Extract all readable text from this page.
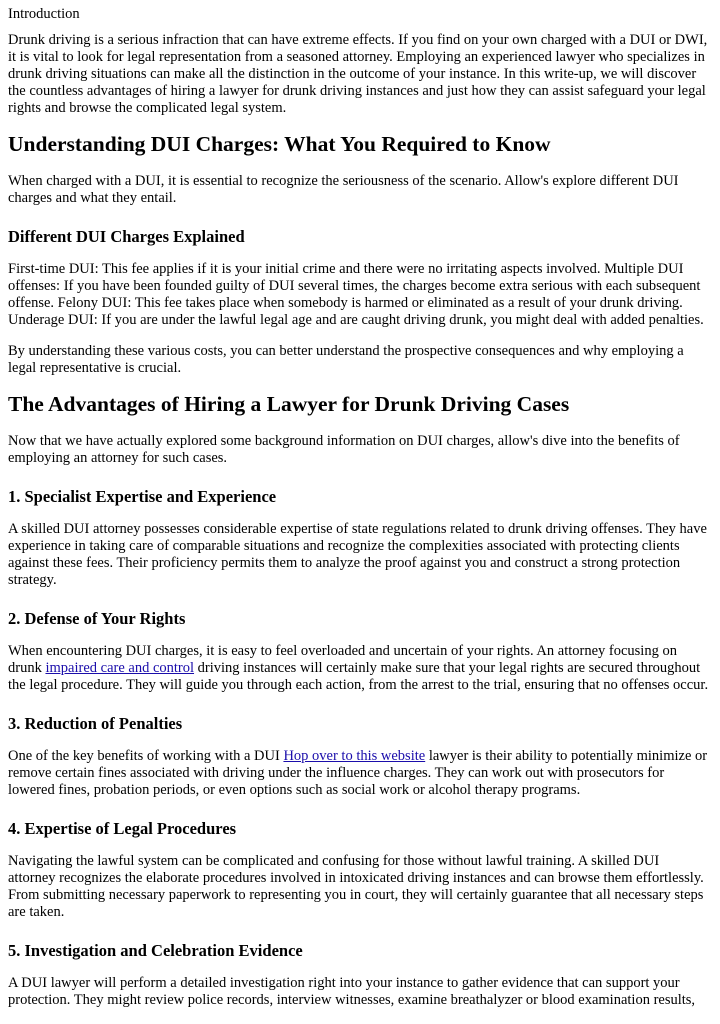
Introduction

Drunk driving is a serious infraction that can have extreme effects. If you find on your own charged with a DUI or DWI, it is vital to look for legal representation from a seasoned attorney. Employing an experienced lawyer who specializes in drunk driving situations can make all the distinction in the outcome of your instance. In this write-up, we will discover the countless advantages of hiring a lawyer for drunk driving instances and just how they can assist safeguard your legal rights and browse the complicated legal system.

Understanding DUI Charges: What You Required to Know

When charged with a DUI, it is essential to recognize the seriousness of the scenario. Allow's explore different DUI charges and what they entail.

Different DUI Charges Explained

First-time DUI: This fee applies if it is your initial crime and there were no irritating aspects involved. Multiple DUI offenses: If you have been founded guilty of DUI several times, the charges become extra serious with each subsequent offense. Felony DUI: This fee takes place when somebody is harmed or eliminated as a result of your drunk driving. Underage DUI: If you are under the lawful legal age and are caught driving drunk, you might deal with added penalties.

By understanding these various costs, you can better understand the prospective consequences and why employing a legal representative is crucial.

The Advantages of Hiring a Lawyer for Drunk Driving Cases

Now that we have actually explored some background information on DUI charges, allow's dive into the benefits of employing an attorney for such cases.

1. Specialist Expertise and Experience

A skilled DUI attorney possesses considerable expertise of state regulations related to drunk driving offenses. They have experience in taking care of comparable situations and recognize the complexities associated with protecting clients against these fees. Their proficiency permits them to analyze the proof against you and construct a strong protection strategy.

2. Defense of Your Rights

When encountering DUI charges, it is easy to feel overloaded and uncertain of your rights. An attorney focusing on drunk impaired care and control driving instances will certainly make sure that your legal rights are secured throughout the legal procedure. They will guide you through each action, from the arrest to the trial, ensuring that no offenses occur.

3. Reduction of Penalties

One of the key benefits of working with a DUI Hop over to this website lawyer is their ability to potentially minimize or remove certain fines associated with driving under the influence charges. They can work out with prosecutors for lowered fines, probation periods, or even options such as social work or alcohol therapy programs.

4. Expertise of Legal Procedures

Navigating the lawful system can be complicated and confusing for those without lawful training. A skilled DUI attorney recognizes the elaborate procedures involved in intoxicated driving instances and can browse them effortlessly. From submitting necessary paperwork to representing you in court, they will certainly guarantee that all necessary steps are taken.

5. Investigation and Celebration Evidence

A DUI lawyer will perform a detailed investigation right into your instance to gather evidence that can support your protection. They might review police records, interview witnesses, examine breathalyzer or blood examination results,
